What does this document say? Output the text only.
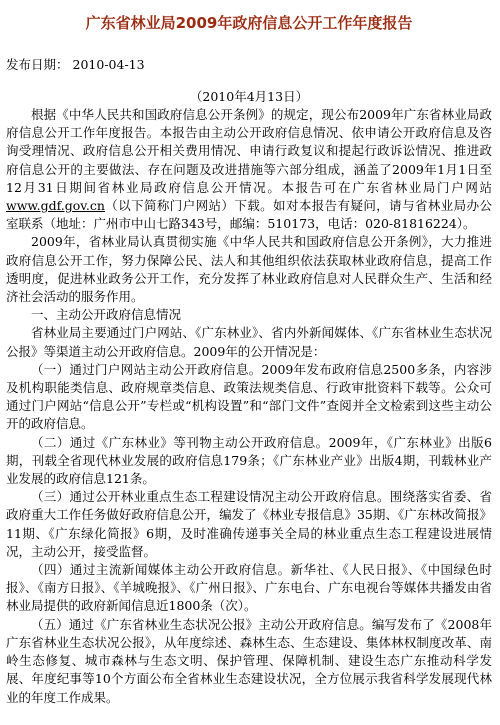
广东省林业局2009年政府信息公开工作年度报告

发布日期： 2010-04-13

（2010年4月13日）

根据《中华人民共和国政府信息公开条例》的规定，现公布2009年广东省林业局政府信息公开工作年度报告。本报告由主动公开政府信息情况、依申请公开政府信息及咨询受理情况、政府信息公开相关费用情况、申请行政复议和提起行政诉讼情况、推进政府信息公开的主要做法、存在问题及改进措施等六部分组成，涵盖了2009年1月1日至12月31日期间省林业局政府信息公开情况。本报告可在广东省林业局门户网站www.gdf.gov.cn（以下简称门户网站）下载。如对本报告有疑问，请与省林业局办公室联系（地址：广州市中山七路343号，邮编：510173，电话：020-81816224）。

2009年，省林业局认真贯彻实施《中华人民共和国政府信息公开条例》，大力推进政府信息公开工作，努力保障公民、法人和其他组织依法获取林业政府信息，提高工作透明度，促进林业政务公开工作，充分发挥了林业政府信息对人民群众生产、生活和经济社会活动的服务作用。

一、主动公开政府信息情况

省林业局主要通过门户网站、《广东林业》、省内外新闻媒体、《广东省林业生态状况公报》等渠道主动公开政府信息。2009年的公开情况是：

（一）通过门户网站主动公开政府信息。2009年发布政府信息2500多条，内容涉及机构职能类信息、政府规章类信息、政策法规类信息、行政审批资料下载等。公众可通过门户网站“信息公开”专栏或“机构设置”和“部门文件”查阅并全文检索到这些主动公开的政府信息。

（二）通过《广东林业》等刊物主动公开政府信息。2009年，《广东林业》出版6期，刊载全省现代林业发展的政府信息179条；《广东林业产业》出版4期，刊载林业产业发展的政府信息121条。

（三）通过公开林业重点生态工程建设情况主动公开政府信息。围绕落实省委、省政府重大工作任务做好政府信息公开，编发了《林业专报信息》35期、《广东林改简报》11期、《广东绿化简报》6期，及时准确传递事关全局的林业重点生态工程建设进展情况，主动公开，接受监督。

（四）通过主流新闻媒体主动公开政府信息。新华社、《人民日报》、《中国绿色时报》、《南方日报》、《羊城晚报》、《广州日报》、广东电台、广东电视台等媒体共播发由省林业局提供的政府新闻信息近1800条（次）。

（五）通过《广东省林业生态状况公报》主动公开政府信息。编写发布了《2008年广东省林业生态状况公报》，从年度综述、森林生态、生态建设、集体林权制度改革、南岭生态修复、城市森林与生态文明、保护管理、保障机制、建设生态广东推动科学发展、年度纪事等10个方面公布全省林业生态建设状况，全方位展示我省科学发展现代林业的年度工作成果。
